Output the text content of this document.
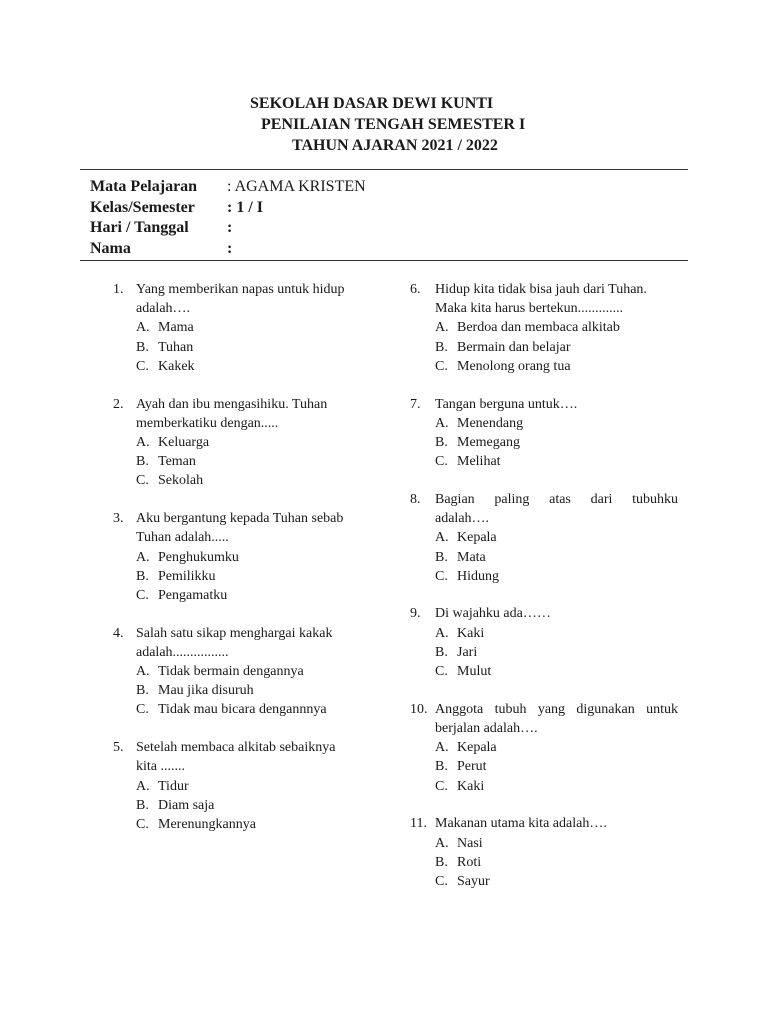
SEKOLAH DASAR DEWI KUNTI
PENILAIAN TENGAH SEMESTER I
TAHUN AJARAN 2021 / 2022
Mata Pelajaran : AGAMA KRISTEN
Kelas/Semester : 1 / I
Hari / Tanggal :
Nama	:
1. Yang memberikan napas untuk hidup
adalah….
A. Mama
B. Tuhan
C. Kakek
2. Ayah dan ibu mengasihiku. Tuhan
memberkatiku dengan.....
A. Keluarga
B. Teman
C. Sekolah
3. Aku bergantung kepada Tuhan sebab
Tuhan adalah.....
A. Penghukumku
B. Pemilikku
C. Pengamatku
4. Salah satu sikap menghargai kakak
adalah................
A. Tidak bermain dengannya
B. Mau jika disuruh
C. Tidak mau bicara dengannnya
5. Setelah membaca alkitab sebaiknya
kita .......
A. Tidur
B. Diam saja
C. Merenungkannya
6. Hidup kita tidak bisa jauh dari Tuhan.
Maka kita harus bertekun.............
A. Berdoa dan membaca alkitab
B. Bermain dan belajar
C. Menolong orang tua
7. Tangan berguna untuk….
A. Menendang
B. Memegang
C. Melihat
8. Bagian paling atas dari tubuhku
adalah….
A. Kepala
B. Mata
C. Hidung
9. Di wajahku ada……
A. Kaki
B. Jari
C. Mulut
10. Anggota tubuh yang digunakan untuk
berjalan adalah….
A. Kepala
B. Perut
C. Kaki
11. Makanan utama kita adalah….
A. Nasi
B. Roti
C. Sayur
